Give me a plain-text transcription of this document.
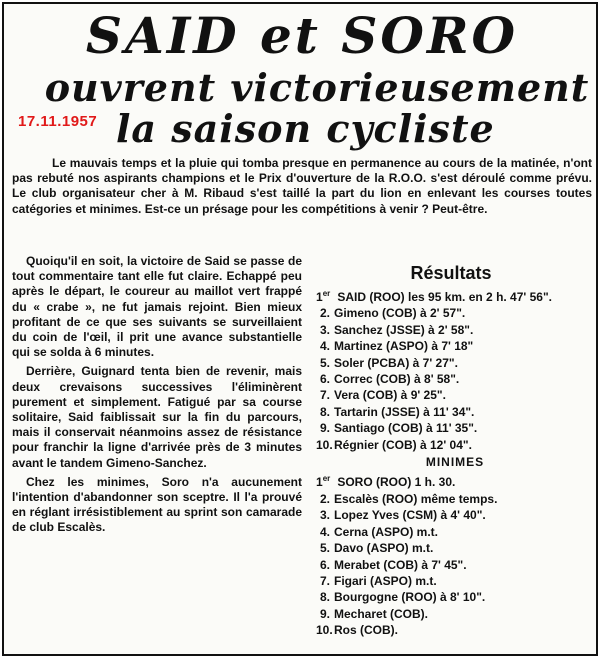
SAID et SORO
ouvrent victorieusement
17.11.1957 la saison cycliste

Le mauvais temps et la pluie qui tomba presque en permanence au cours de la matinée, n'ont pas rebuté nos aspirants champions et le Prix d'ouverture de la R.O.O. s'est déroulé comme prévu. Le club organisateur cher à M. Ribaud s'est taillé la part du lion en enlevant les courses toutes catégories et minimes. Est-ce un présage pour les compétitions à venir ? Peut-être.

Quoiqu'il en soit, la victoire de Said se passe de tout commentaire tant elle fut claire. Echappé peu après le départ, le coureur au maillot vert frappé du « crabe », ne fut jamais rejoint. Bien mieux profitant de ce que ses suivants se surveillaient du coin de l'œil, il prit une avance substantielle qui se solda à 6 minutes.

Derrière, Guignard tenta bien de revenir, mais deux crevaisons successives l'éliminèrent purement et simplement. Fatigué par sa course solitaire, Said faiblissait sur la fin du parcours, mais il conservait néanmoins assez de résistance pour franchir la ligne d'arrivée près de 3 minutes avant le tandem Gimeno-Sanchez.

Chez les minimes, Soro n'a aucunement l'intention d'abandonner son sceptre. Il l'a prouvé en réglant irrésistiblement au sprint son camarade de club Escalès.

Résultats
1er SAID (ROO) les 95 km. en 2 h. 47' 56".
2. Gimeno (COB) à 2' 57".
3. Sanchez (JSSE) à 2' 58".
4. Martinez (ASPO) à 7' 18"
5. Soler (PCBA) à 7' 27".
6. Correc (COB) à 8' 58".
7. Vera (COB) à 9' 25".
8. Tartarin (JSSE) à 11' 34".
9. Santiago (COB) à 11' 35".
10.Régnier (COB) à 12' 04".
MINIMES
1er SORO (ROO) 1 h. 30.
2. Escalès (ROO) même temps.
3. Lopez Yves (CSM) à 4' 40".
4. Cerna (ASPO) m.t.
5. Davo (ASPO) m.t.
6. Merabet (COB) à 7' 45".
7. Figari (ASPO) m.t.
8. Bourgogne (ROO) à 8' 10".
9. Mecharet (COB).
10.Ros (COB).
